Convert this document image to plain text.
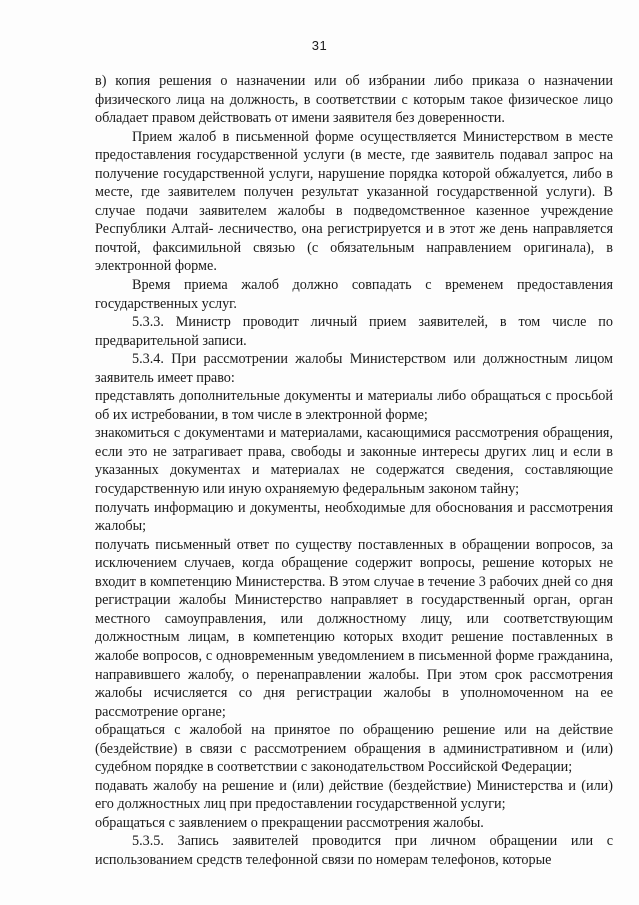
31

в) копия решения о назначении или об избрании либо приказа о назначении физического лица на должность, в соответствии с которым такое физическое лицо обладает правом действовать от имени заявителя без доверенности.

Прием жалоб в письменной форме осуществляется Министерством в месте предоставления государственной услуги (в месте, где заявитель подавал запрос на получение государственной услуги, нарушение порядка которой обжалуется, либо в месте, где заявителем получен результат указанной государственной услуги). В случае подачи заявителем жалобы в подведомственное казенное учреждение Республики Алтай- лесничество, она регистрируется и в этот же день направляется почтой, факсимильной связью (с обязательным направлением оригинала), в электронной форме.

Время приема жалоб должно совпадать с временем предоставления государственных услуг.

5.3.3. Министр проводит личный прием заявителей, в том числе по предварительной записи.

5.3.4. При рассмотрении жалобы Министерством или должностным лицом заявитель имеет право:

представлять дополнительные документы и материалы либо обращаться с просьбой об их истребовании, в том числе в электронной форме;

знакомиться с документами и материалами, касающимися рассмотрения обращения, если это не затрагивает права, свободы и законные интересы других лиц и если в указанных документах и материалах не содержатся сведения, составляющие государственную или иную охраняемую федеральным законом тайну;

получать информацию и документы, необходимые для обоснования и рассмотрения жалобы;

получать письменный ответ по существу поставленных в обращении вопросов, за исключением случаев, когда обращение содержит вопросы, решение которых не входит в компетенцию Министерства. В этом случае в течение 3 рабочих дней со дня регистрации жалобы Министерство направляет в государственный орган, орган местного самоуправления, или должностному лицу, или соответствующим должностным лицам, в компетенцию которых входит решение поставленных в жалобе вопросов, с одновременным уведомлением в письменной форме гражданина, направившего жалобу, о перенаправлении жалобы. При этом срок рассмотрения жалобы исчисляется со дня регистрации жалобы в уполномоченном на ее рассмотрение органе;

обращаться с жалобой на принятое по обращению решение или на действие (бездействие) в связи с рассмотрением обращения в административном и (или) судебном порядке в соответствии с законодательством Российской Федерации;

подавать жалобу на решение и (или) действие (бездействие) Министерства и (или) его должностных лиц при предоставлении государственной услуги;

обращаться с заявлением о прекращении рассмотрения жалобы.

5.3.5. Запись заявителей проводится при личном обращении или с использованием средств телефонной связи по номерам телефонов, которые
